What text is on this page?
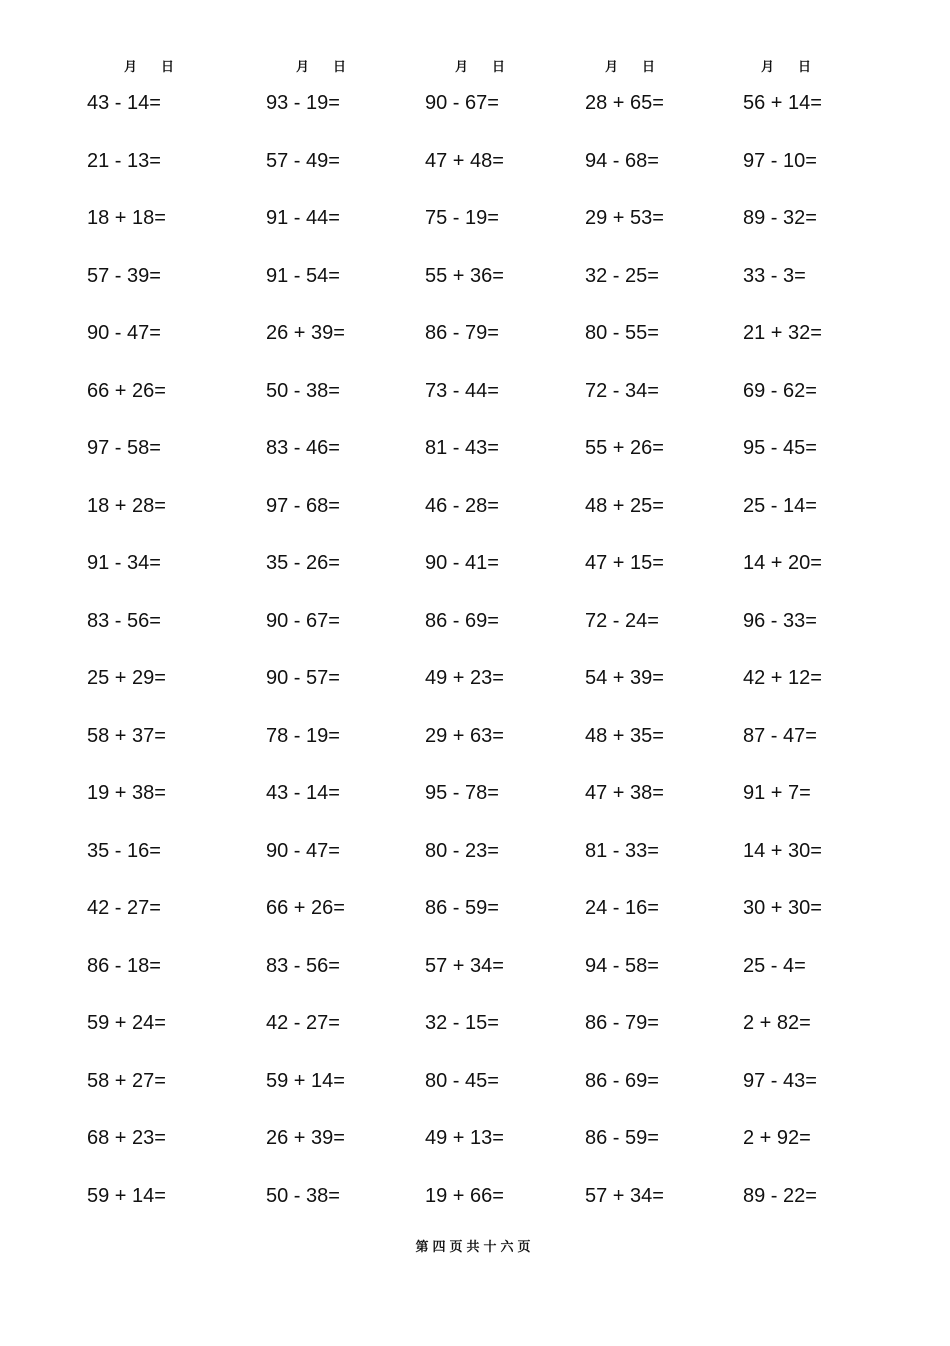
月 日
43 - 14=
21 - 13=
18 + 18=
57 - 39=
90 - 47=
66 + 26=
97 - 58=
18 + 28=
91 - 34=
83 - 56=
25 + 29=
58 + 37=
19 + 38=
35 - 16=
42 - 27=
86 - 18=
59 + 24=
58 + 27=
68 + 23=
59 + 14=
月 日
93 - 19=
57 - 49=
91 - 44=
91 - 54=
26 + 39=
50 - 38=
83 - 46=
97 - 68=
35 - 26=
90 - 67=
90 - 57=
78 - 19=
43 - 14=
90 - 47=
66 + 26=
83 - 56=
42 - 27=
59 + 14=
26 + 39=
50 - 38=
月 日
90 - 67=
47 + 48=
75 - 19=
55 + 36=
86 - 79=
73 - 44=
81 - 43=
46 - 28=
90 - 41=
86 - 69=
49 + 23=
29 + 63=
95 - 78=
80 - 23=
86 - 59=
57 + 34=
32 - 15=
80 - 45=
49 + 13=
19 + 66=
月 日
28 + 65=
94 - 68=
29 + 53=
32 - 25=
80 - 55=
72 - 34=
55 + 26=
48 + 25=
47 + 15=
72 - 24=
54 + 39=
48 + 35=
47 + 38=
81 - 33=
24 - 16=
94 - 58=
86 - 79=
86 - 69=
86 - 59=
57 + 34=
月 日
56 + 14=
97 - 10=
89 - 32=
33 - 3=
21 + 32=
69 - 62=
95 - 45=
25 - 14=
14 + 20=
96 - 33=
42 + 12=
87 - 47=
91 + 7=
14 + 30=
30 + 30=
25 - 4=
2 + 82=
97 - 43=
2 + 92=
89 - 22=
第四页共十六页
